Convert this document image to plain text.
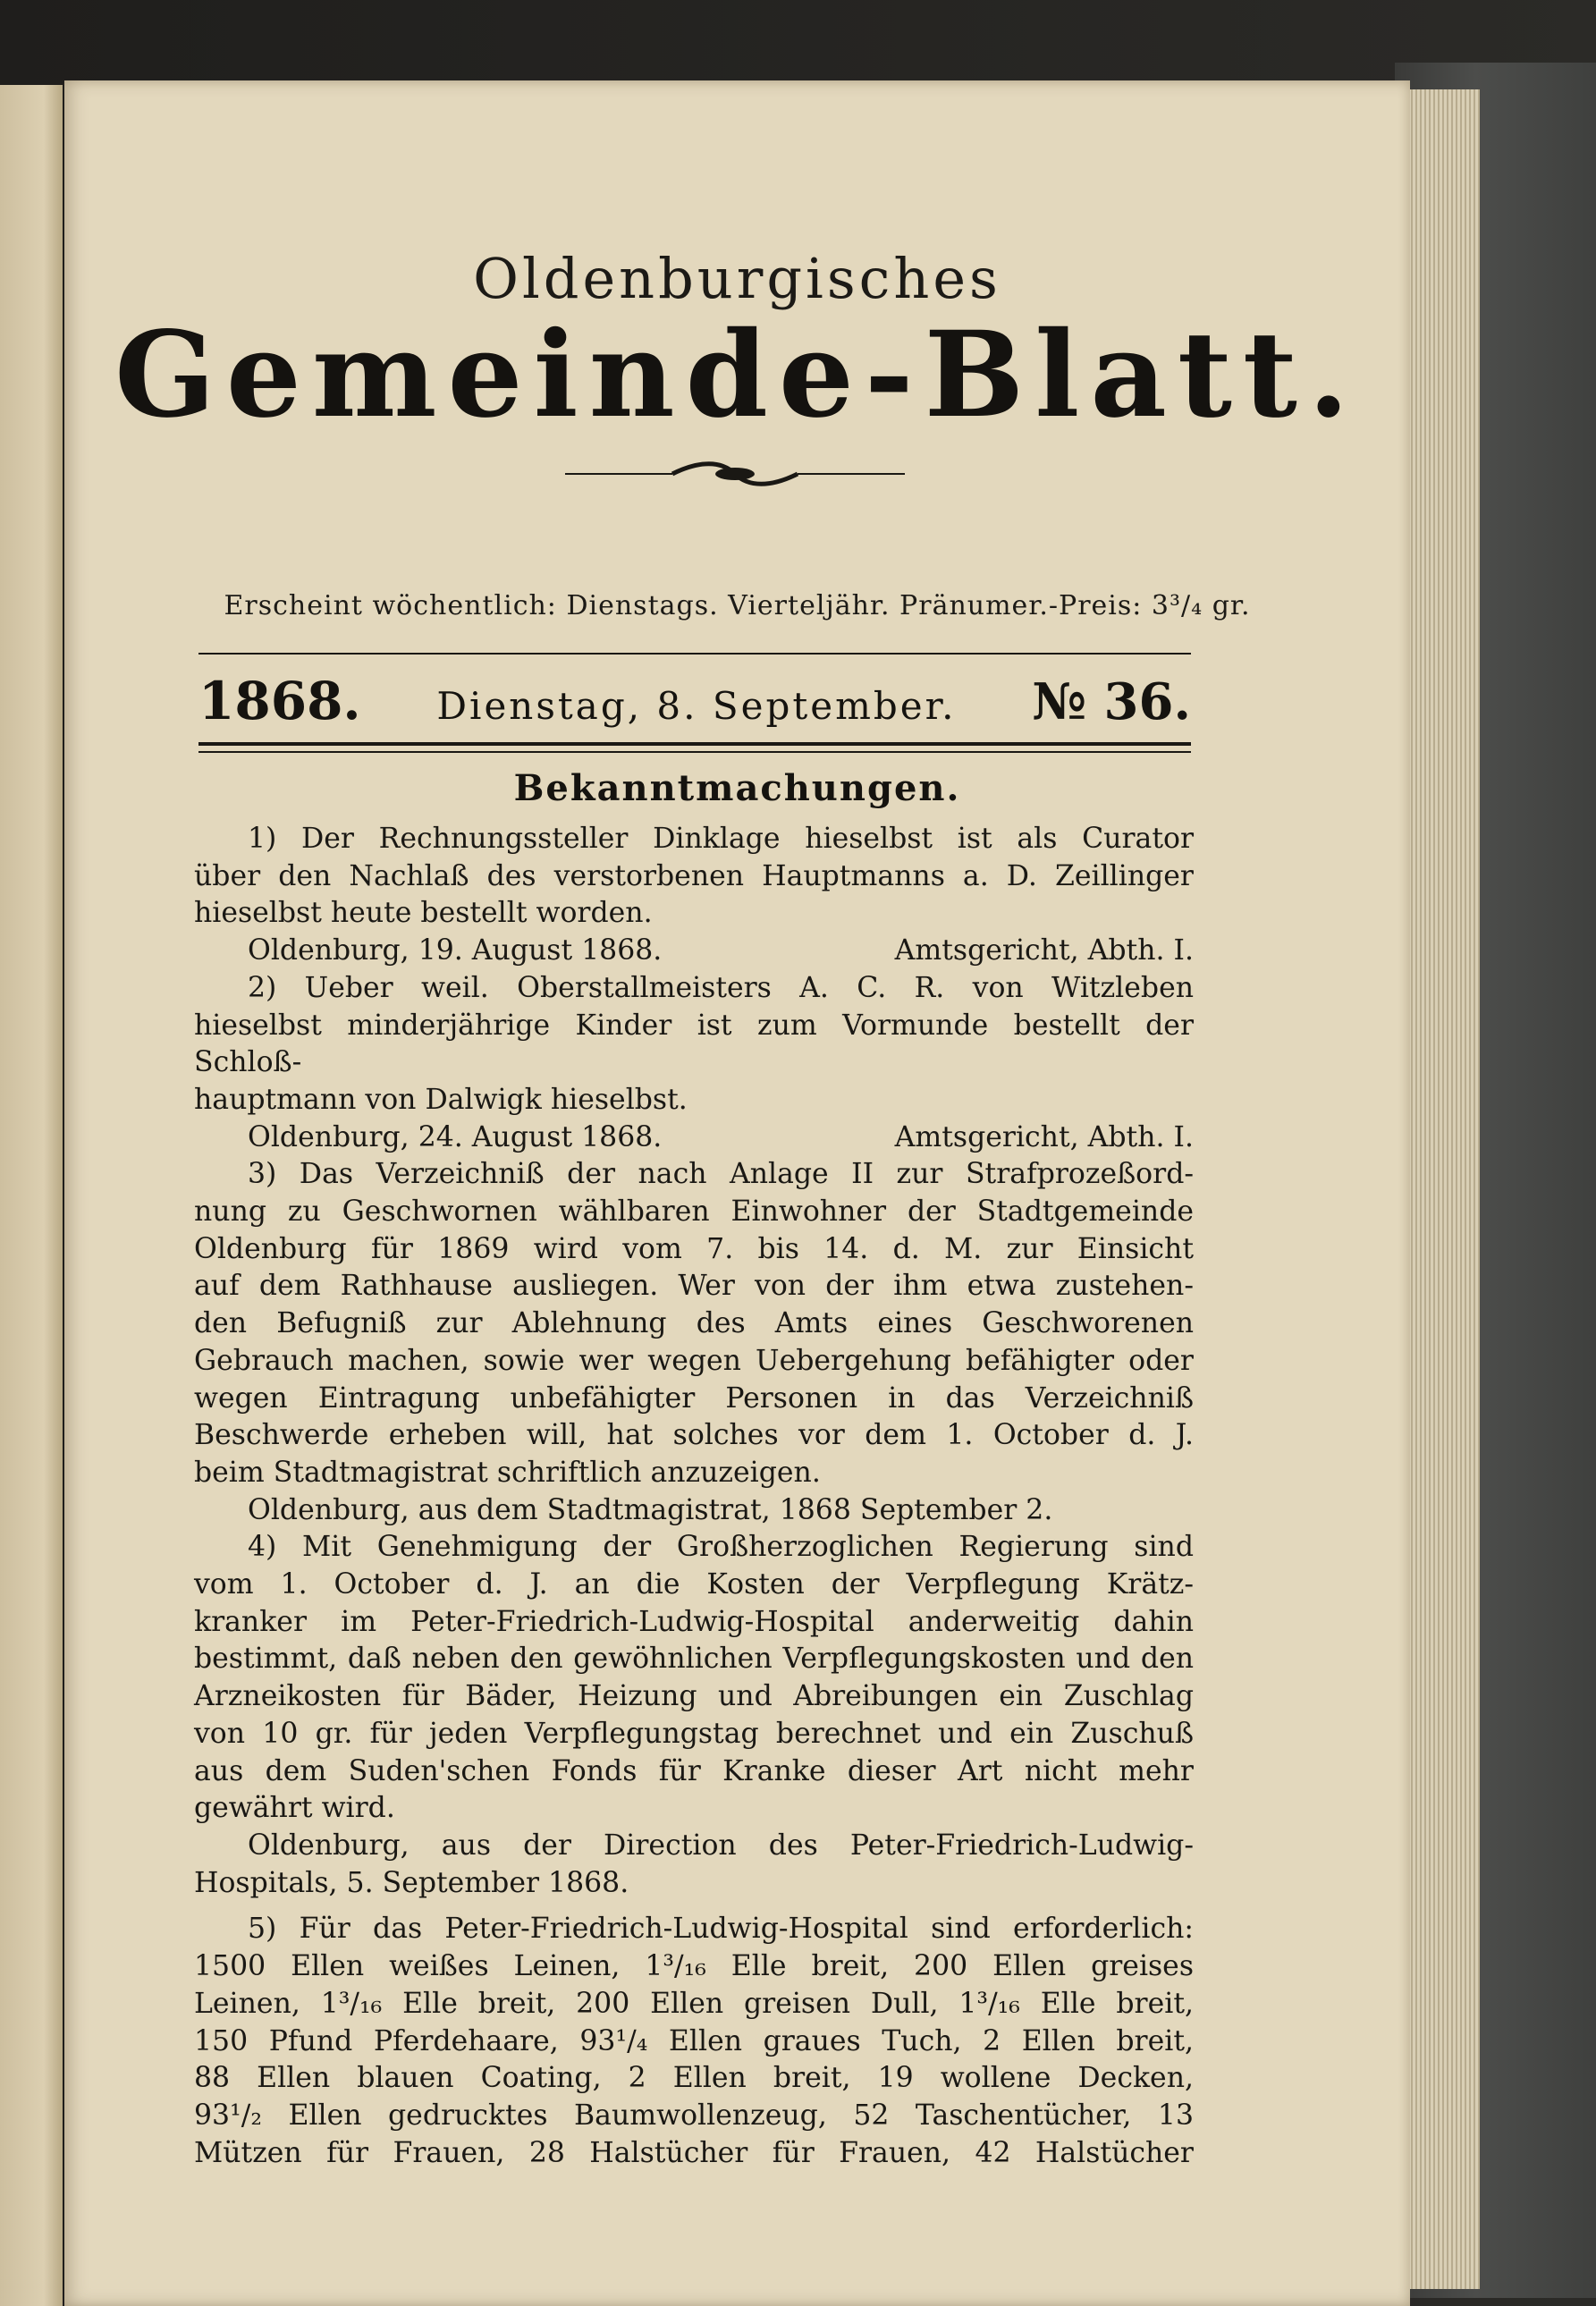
Oldenburgisches
Gemeinde-Blatt.
Erscheint wöchentlich: Dienstags. Vierteljähr. Pränumer.-Preis: 3³/₄ gr.
1868. Dienstag, 8. September. № 36.
Bekanntmachungen.

1) Der Rechnungssteller Dinklage hieselbst ist als Curator

über den Nachlaß des verstorbenen Hauptmanns a. D. Zeillinger

hieselbst heute bestellt worden.

Oldenburg, 19. August 1868.	Amtsgericht, Abth. I.

2) Ueber weil. Oberstallmeisters A. C. R. von Witzleben

hieselbst minderjährige Kinder ist zum Vormunde bestellt der Schloß-

hauptmann von Dalwigk hieselbst.

Oldenburg, 24. August 1868.	Amtsgericht, Abth. I.

3) Das Verzeichniß der nach Anlage II zur Strafprozeßord-

nung zu Geschwornen wählbaren Einwohner der Stadtgemeinde

Oldenburg für 1869 wird vom 7. bis 14. d. M. zur Einsicht

auf dem Rathhause ausliegen. Wer von der ihm etwa zustehen-

den Befugniß zur Ablehnung des Amts eines Geschworenen

Gebrauch machen, sowie wer wegen Uebergehung befähigter oder

wegen Eintragung unbefähigter Personen in das Verzeichniß

Beschwerde erheben will, hat solches vor dem 1. October d. J.

beim Stadtmagistrat schriftlich anzuzeigen.

Oldenburg, aus dem Stadtmagistrat, 1868 September 2.

4) Mit Genehmigung der Großherzoglichen Regierung sind

vom 1. October d. J. an die Kosten der Verpflegung Krätz-

kranker im Peter-Friedrich-Ludwig-Hospital anderweitig dahin

bestimmt, daß neben den gewöhnlichen Verpflegungskosten und den

Arzneikosten für Bäder, Heizung und Abreibungen ein Zuschlag

von 10 gr. für jeden Verpflegungstag berechnet und ein Zuschuß

aus dem Suden'schen Fonds für Kranke dieser Art nicht mehr

gewährt wird.

Oldenburg, aus der Direction des Peter-Friedrich-Ludwig-

Hospitals, 5. September 1868.

5) Für das Peter-Friedrich-Ludwig-Hospital sind erforderlich:

1500 Ellen weißes Leinen, 1³/₁₆ Elle breit, 200 Ellen greises

Leinen, 1³/₁₆ Elle breit, 200 Ellen greisen Dull, 1³/₁₆ Elle breit,

150 Pfund Pferdehaare, 93¹/₄ Ellen graues Tuch, 2 Ellen breit,

88 Ellen blauen Coating, 2 Ellen breit, 19 wollene Decken,

93¹/₂ Ellen gedrucktes Baumwollenzeug, 52 Taschentücher, 13

Mützen für Frauen, 28 Halstücher für Frauen, 42 Halstücher
